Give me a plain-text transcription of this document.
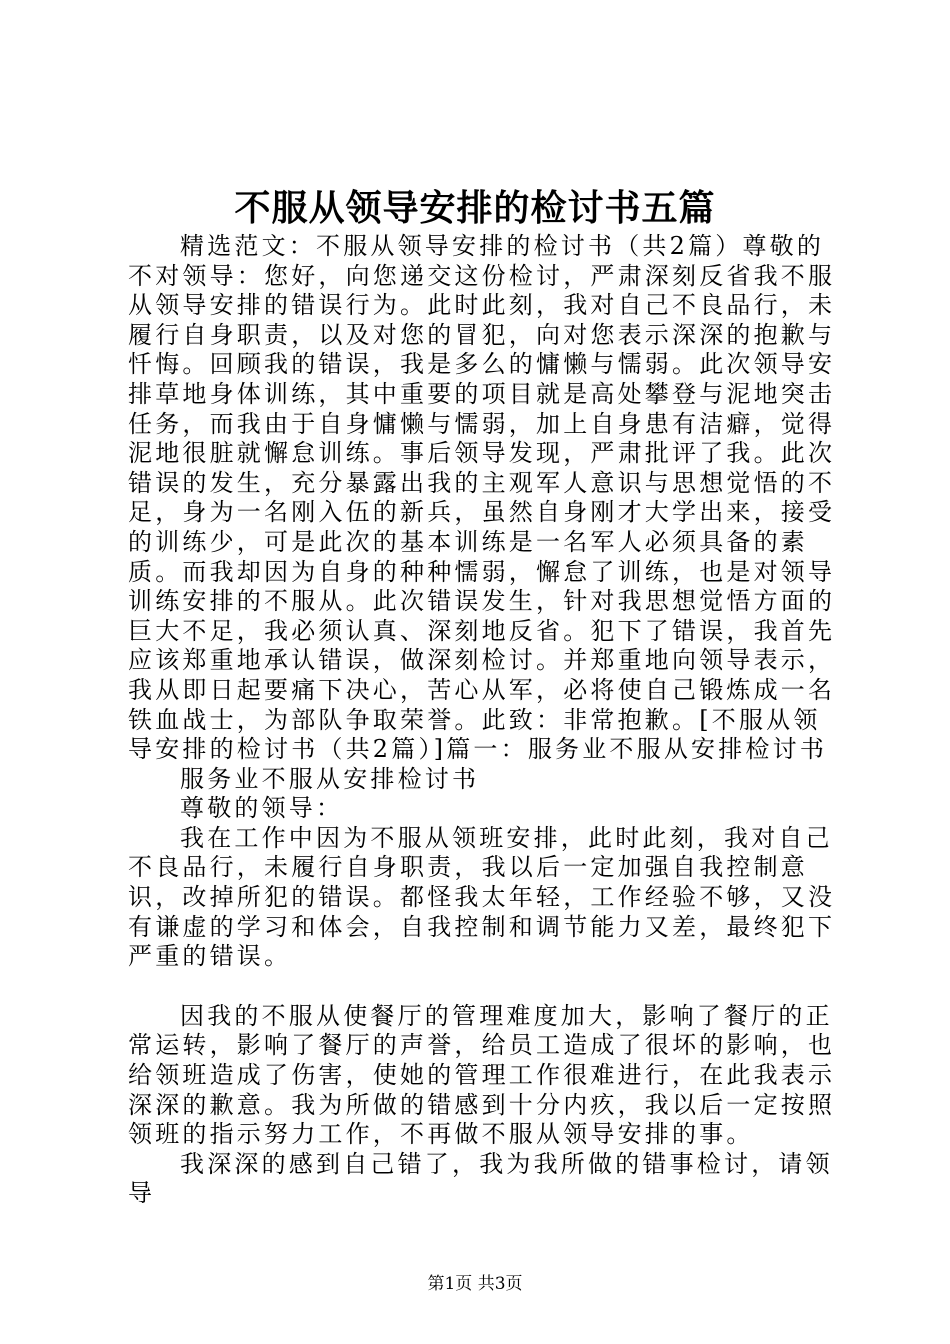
不服从领导安排的检讨书五篇

精选范文：不服从领导安排的检讨书（共2篇）尊敬的不对领导：您好，向您递交这份检讨，严肃深刻反省我不服从领导安排的错误行为。此时此刻，我对自己不良品行，未履行自身职责，以及对您的冒犯，向对您表示深深的抱歉与忏悔。回顾我的错误，我是多么的慵懒与懦弱。此次领导安排草地身体训练，其中重要的项目就是高处攀登与泥地突击任务，而我由于自身慵懒与懦弱，加上自身患有洁癖，觉得泥地很脏就懈怠训练。事后领导发现，严肃批评了我。此次错误的发生，充分暴露出我的主观军人意识与思想觉悟的不足，身为一名刚入伍的新兵，虽然自身刚才大学出来，接受的训练少，可是此次的基本训练是一名军人必须具备的素质。而我却因为自身的种种懦弱，懈怠了训练，也是对领导训练安排的不服从。此次错误发生，针对我思想觉悟方面的巨大不足，我必须认真、深刻地反省。犯下了错误，我首先应该郑重地承认错误，做深刻检讨。并郑重地向领导表示，我从即日起要痛下决心，苦心从军，必将使自己锻炼成一名铁血战士，为部队争取荣誉。此致：非常抱歉。[不服从领导安排的检讨书（共2篇）]篇一：服务业不服从安排检讨书

服务业不服从安排检讨书

尊敬的领导：

我在工作中因为不服从领班安排，此时此刻，我对自己不良品行，未履行自身职责，我以后一定加强自我控制意识，改掉所犯的错误。都怪我太年轻，工作经验不够，又没有谦虚的学习和体会，自我控制和调节能力又差，最终犯下严重的错误。

因我的不服从使餐厅的管理难度加大，影响了餐厅的正常运转，影响了餐厅的声誉，给员工造成了很坏的影响，也给领班造成了伤害，使她的管理工作很难进行，在此我表示深深的歉意。我为所做的错感到十分内疚，我以后一定按照领班的指示努力工作，不再做不服从领导安排的事。

我深深的感到自己错了，我为我所做的错事检讨，请领导

第1页 共3页
